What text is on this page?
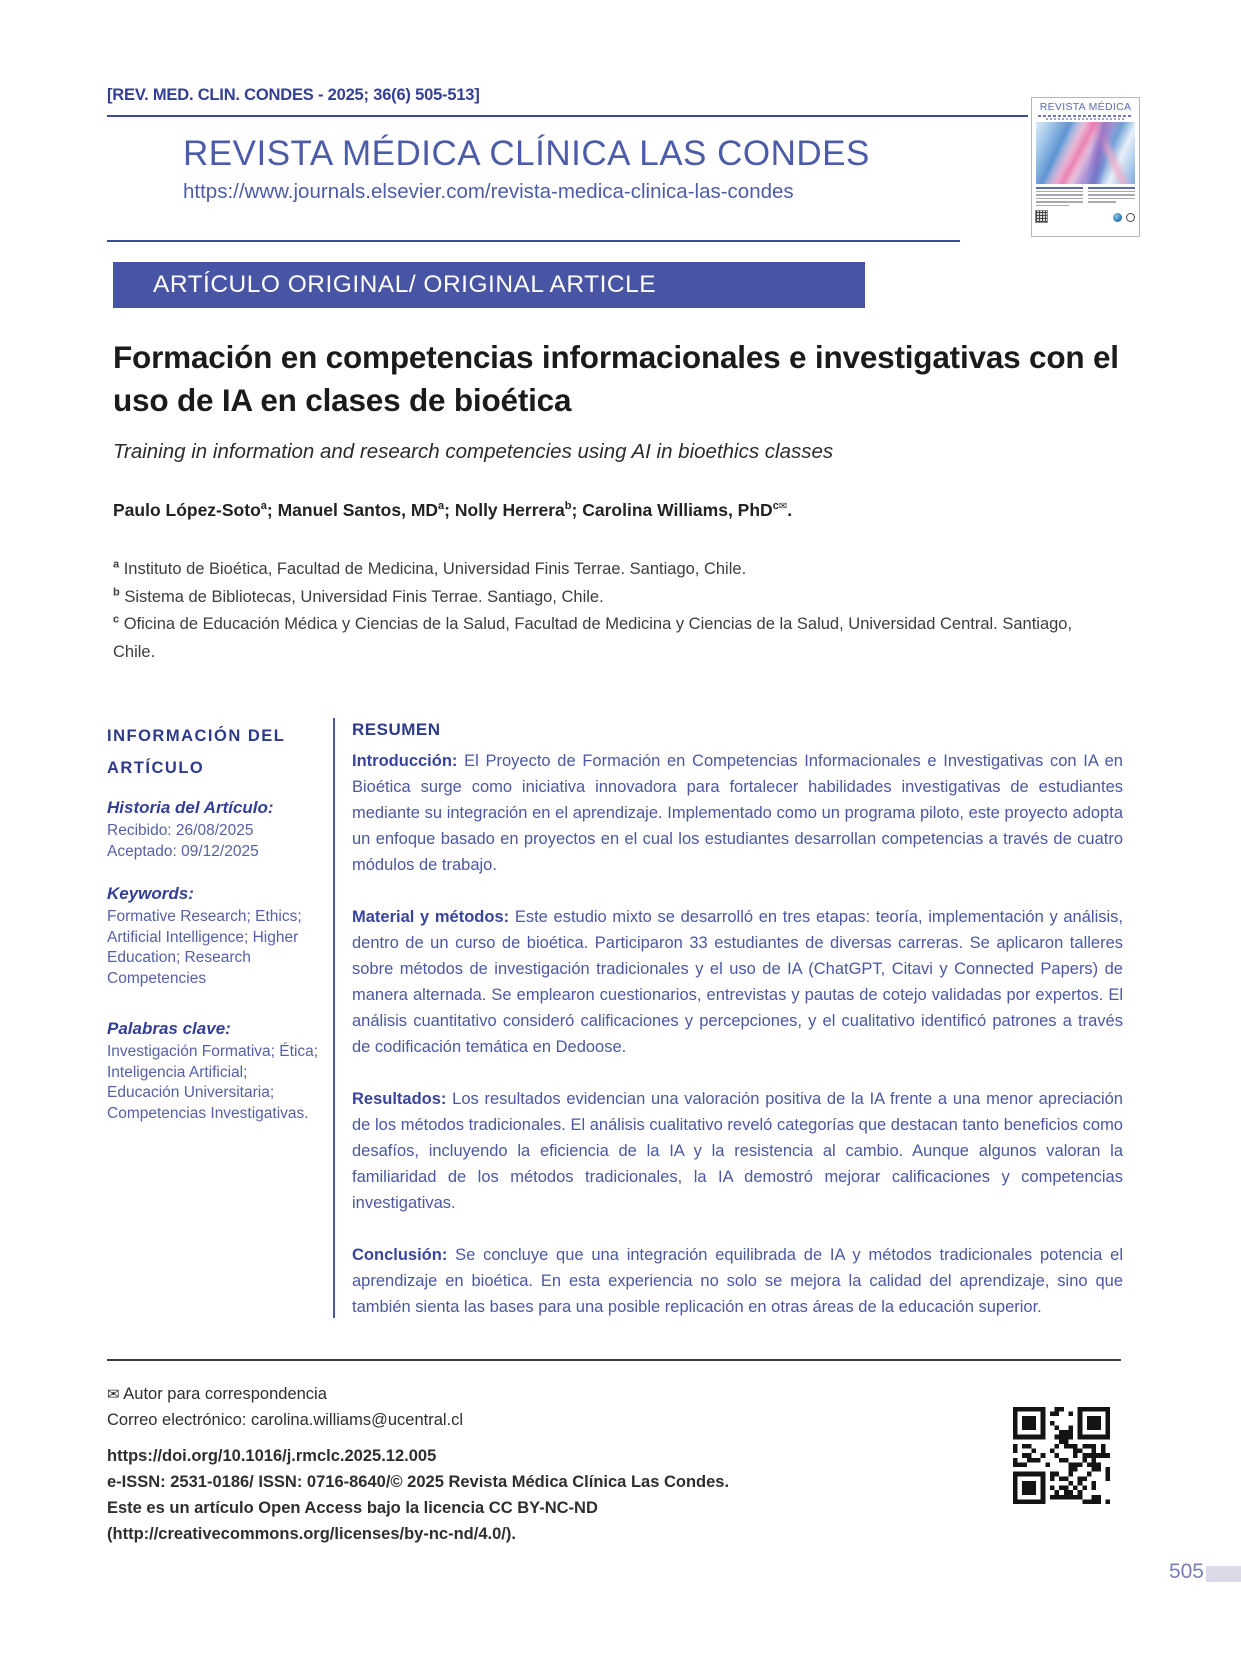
[REV. MED. CLIN. CONDES - 2025; 36(6) 505-513]
REVISTA MÉDICA CLÍNICA LAS CONDES
https://www.journals.elsevier.com/revista-medica-clinica-las-condes
REVISTA MÉDICA
ARTÍCULO ORIGINAL/ ORIGINAL ARTICLE
Formación en competencias informacionales e investigativas con el uso de IA en clases de bioética
Training in information and research competencies using AI in bioethics classes
Paulo López-Soto$^a$; Manuel Santos, $MD^a$; Nolly Herrera$^b$; Carolina Williams, PhD$^{c✉}$.
$^a$ Instituto de Bioética, Facultad de Medicina, Universidad Finis Terrae. Santiago, Chile.
$^b$ Sistema de Bibliotecas, Universidad Finis Terrae. Santiago, Chile.
$^c$ Oficina de Educación Médica y Ciencias de la Salud, Facultad de Medicina y Ciencias de la Salud, Universidad Central. Santiago, Chile.
INFORMACIÓN DEL ARTÍCULO
Historia del Artículo:
Recibido: 26/08/2025
Aceptado: 09/12/2025
Keywords:
Formative Research; Ethics; Artificial Intelligence; Higher Education; Research Competencies
Palabras clave:
Investigación Formativa; Ética; Inteligencia Artificial; Educación Universitaria; Competencias Investigativas.
RESUMEN

Introducción: El Proyecto de Formación en Competencias Informacionales e Investigativas con IA en Bioética surge como iniciativa innovadora para fortalecer habilidades investigativas de estudiantes mediante su integración en el aprendizaje. Implementado como un programa piloto, este proyecto adopta un enfoque basado en proyectos en el cual los estudiantes desarrollan competencias a través de cuatro módulos de trabajo.

Material y métodos: Este estudio mixto se desarrolló en tres etapas: teoría, implementación y análisis, dentro de un curso de bioética. Participaron 33 estudiantes de diversas carreras. Se aplicaron talleres sobre métodos de investigación tradicionales y el uso de IA (ChatGPT, Citavi y Connected Papers) de manera alternada. Se emplearon cuestionarios, entrevistas y pautas de cotejo validadas por expertos. El análisis cuantitativo consideró calificaciones y percepciones, y el cualitativo identificó patrones a través de codificación temática en Dedoose.

Resultados: Los resultados evidencian una valoración positiva de la IA frente a una menor apreciación de los métodos tradicionales. El análisis cualitativo reveló categorías que destacan tanto beneficios como desafíos, incluyendo la eficiencia de la IA y la resistencia al cambio. Aunque algunos valoran la familiaridad de los métodos tradicionales, la IA demostró mejorar calificaciones y competencias investigativas.

Conclusión: Se concluye que una integración equilibrada de IA y métodos tradicionales potencia el aprendizaje en bioética. En esta experiencia no solo se mejora la calidad del aprendizaje, sino que también sienta las bases para una posible replicación en otras áreas de la educación superior.

✉ Autor para correspondencia
Correo electrónico: carolina.williams@ucentral.cl
https://doi.org/10.1016/j.rmclc.2025.12.005
e-ISSN: 2531-0186/ ISSN: 0716-8640/© 2025 Revista Médica Clínica Las Condes.
Este es un artículo Open Access bajo la licencia CC BY-NC-ND
(http://creativecommons.org/licenses/by-nc-nd/4.0/).
505
